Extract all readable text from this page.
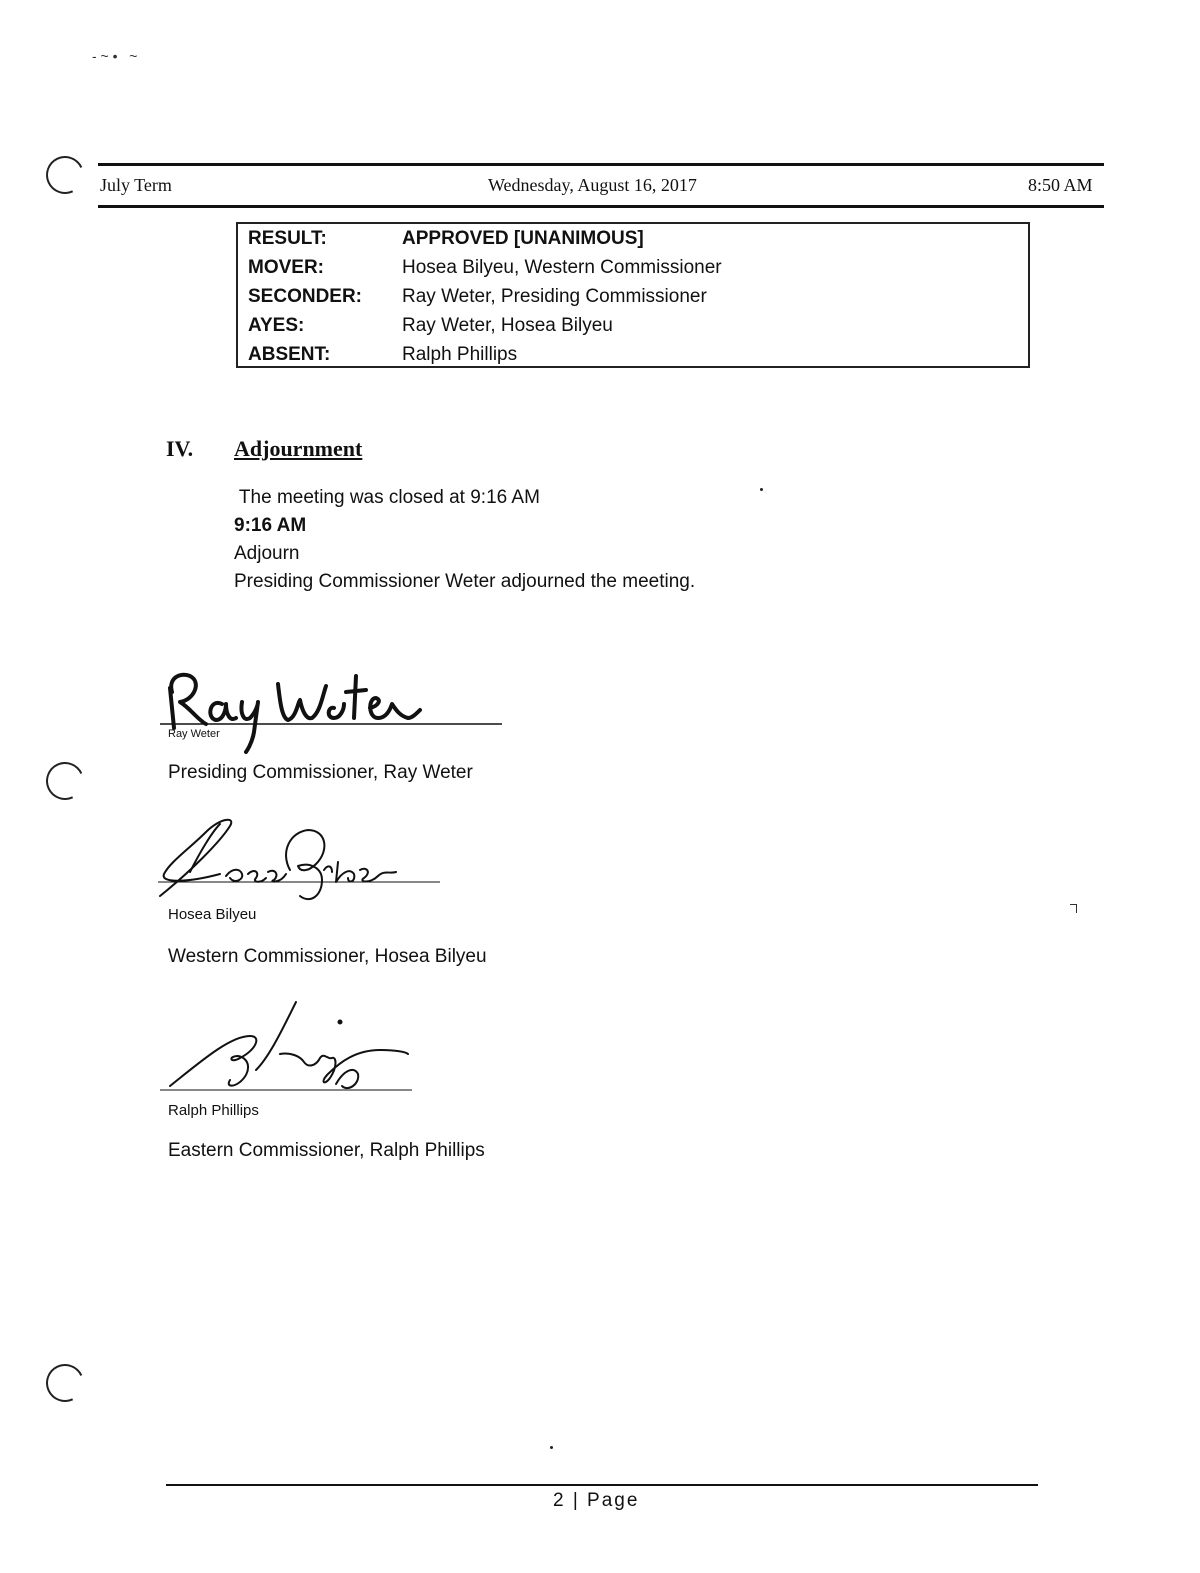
- ~ •   ~
July Term	Wednesday, August 16, 2017	8:50 AM
RESULT:	APPROVED [UNANIMOUS]
MOVER:	Hosea Bilyeu, Western Commissioner
SECONDER: Ray Weter, Presiding Commissioner
AYES:	Ray Weter, Hosea Bilyeu
ABSENT:	Ralph Phillips
IV. Adjournment
The meeting was closed at 9:16 AM
9:16 AM
Adjourn
Presiding Commissioner Weter adjourned the meeting.
Ray Weter
Presiding Commissioner, Ray Weter
Hosea Bilyeu
Western Commissioner, Hosea Bilyeu
Ralph Phillips
Eastern Commissioner, Ralph Phillips
2 | Page
